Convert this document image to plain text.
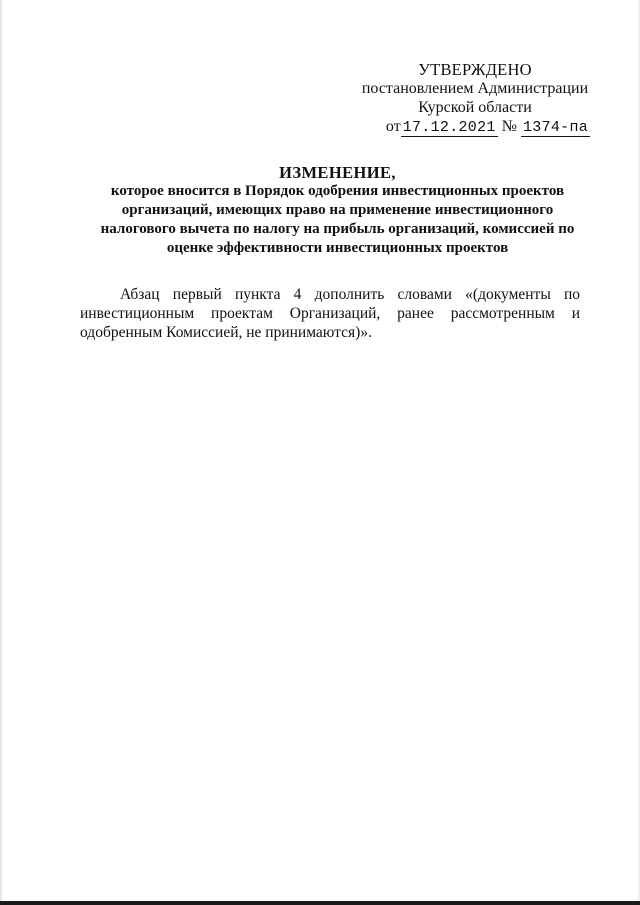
УТВЕРЖДЕНО
постановлением Администрации
Курской области
от 17.12.2021 № 1374-па
ИЗМЕНЕНИЕ,
которое вносится в Порядок одобрения инвестиционных проектов
организаций, имеющих право на применение инвестиционного
налогового вычета по налогу на прибыль организаций, комиссией по
оценке эффективности инвестиционных проектов
Абзац первый пункта 4 дополнить словами «(документы по
инвестиционным проектам Организаций, ранее рассмотренным и
одобренным Комиссией, не принимаются)».
